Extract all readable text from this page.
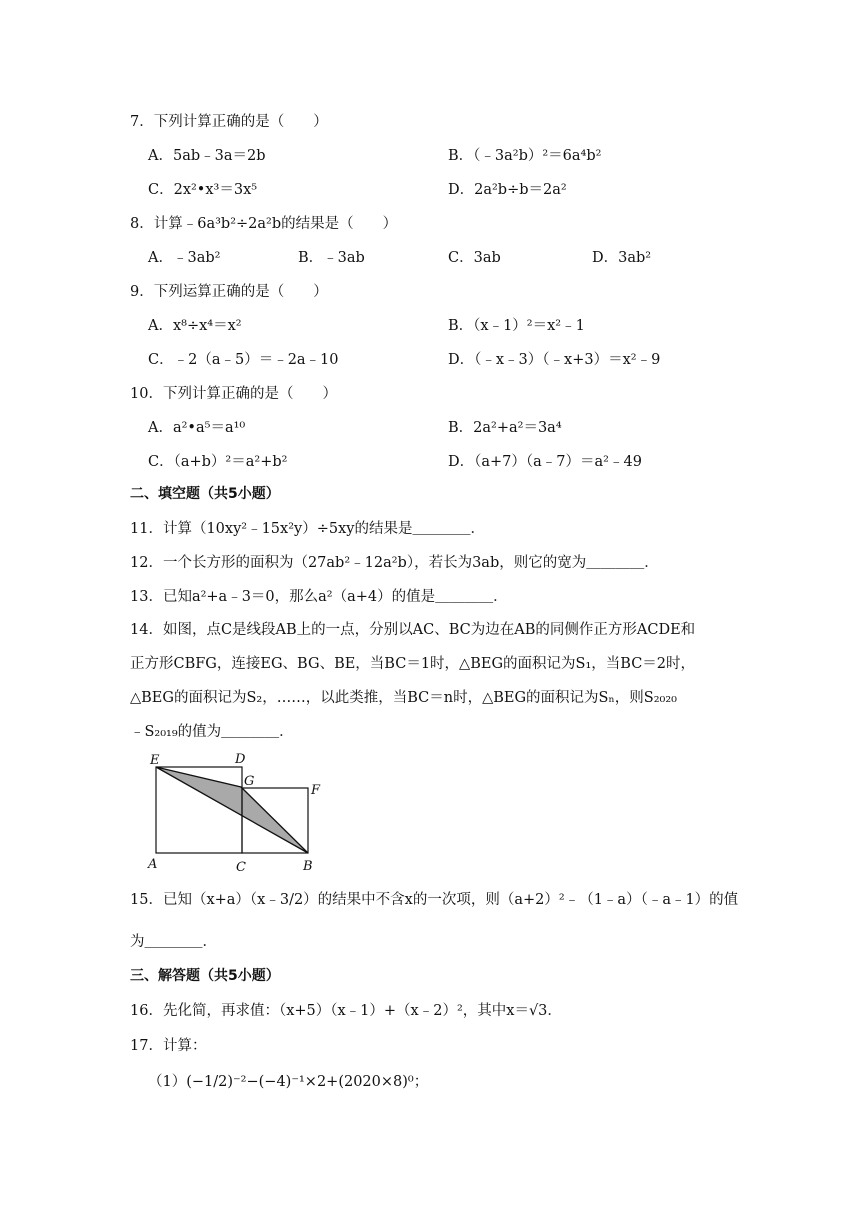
7．下列计算正确的是（　　）
A．5ab﹣3a＝2b	B．（﹣3a²b）²＝6a⁴b²
C．2x²•x³＝3x⁵	D．2a²b÷b＝2a²
8．计算﹣6a³b²÷2a²b的结果是（　　）
A．﹣3ab²	B．﹣3ab	C．3ab	D．3ab²
9．下列运算正确的是（　　）
A．x⁸÷x⁴＝x²	B．（x﹣1）²＝x²﹣1
C．﹣2（a﹣5）＝﹣2a﹣10	D．（﹣x﹣3）（﹣x+3）＝x²﹣9
10．下列计算正确的是（　　）
A．a²•a⁵＝a¹⁰	B．2a²+a²＝3a⁴
C．（a+b）²＝a²+b²	D．（a+7）（a﹣7）＝a²﹣49
二、填空题（共5小题）
11．计算（10xy²﹣15x²y）÷5xy的结果是＿＿＿＿．
12．一个长方形的面积为（27ab²﹣12a²b），若长为3ab，则它的宽为＿＿＿＿．
13．已知a²+a﹣3＝0，那么a²（a+4）的值是＿＿＿＿．
14．如图，点C是线段AB上的一点，分别以AC、BC为边在AB的同侧作正方形ACDE和
正方形CBFG，连接EG、BG、BE，当BC＝1时，△BEG的面积记为S₁，当BC＝2时，
△BEG的面积记为S₂，……，以此类推，当BC＝n时，△BEG的面积记为Sₙ，则S₂₀₂₀
﹣S₂₀₁₉的值为＿＿＿＿．
E	D
G
F
A	C	B
15．已知（x+a）（x﹣3/2）的结果中不含x的一次项，则（a+2）²﹣（1﹣a）（﹣a﹣1）的值
为＿＿＿＿．
三、解答题（共5小题）
16．先化简，再求值：（x+5）（x﹣1）+（x﹣2）²，其中x＝√3．
17．计算：
（1）(−1/2)⁻²−(−4)⁻¹×2+(2020×8)⁰；
